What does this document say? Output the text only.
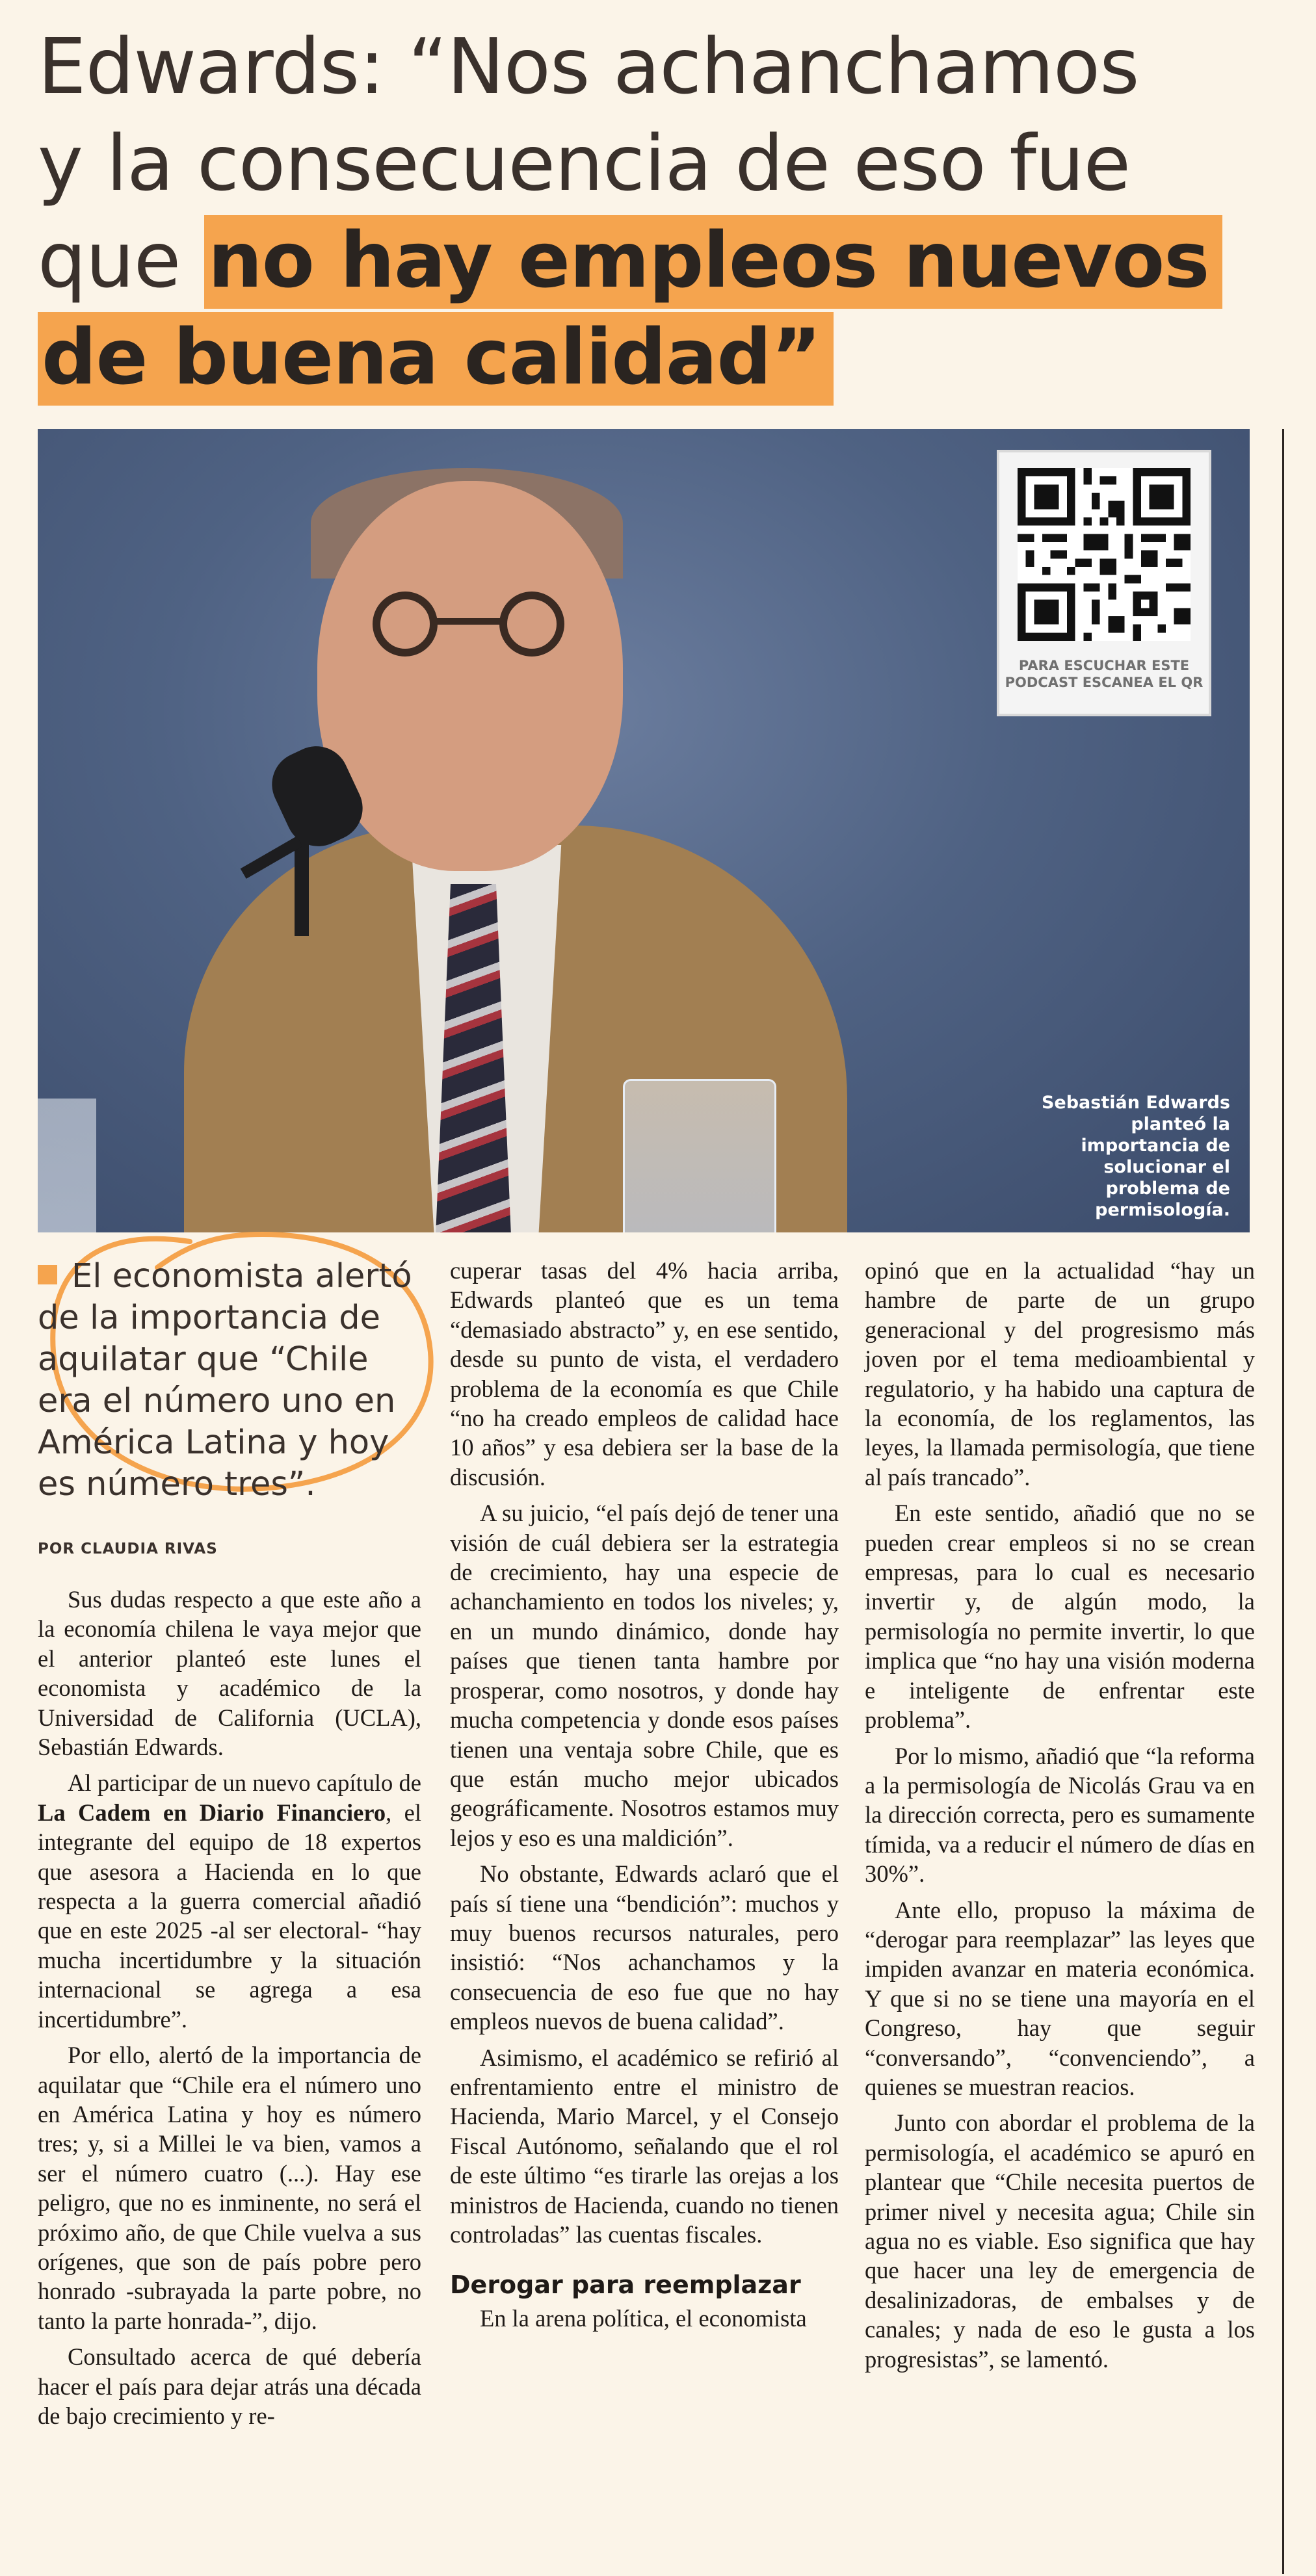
Edwards: “Nos achanchamos
y la consecuencia de eso fue
que no hay empleos nuevos
de buena calidad”
PARA ESCUCHAR ESTE PODCAST ESCANEA EL QR
Sebastián Edwards planteó la importancia de solucionar el problema de permisología.
El economista alertó de la importancia de aquilatar que “Chile era el número uno en América Latina y hoy es número tres”.
POR CLAUDIA RIVAS

Sus dudas respecto a que este año a la economía chilena le vaya mejor que el anterior planteó este lunes el economista y académico de la Universidad de California (UCLA), Sebastián Edwards.

Al participar de un nuevo capítulo de La Cadem en Diario Financiero, el integrante del equipo de 18 expertos que asesora a Hacienda en lo que respecta a la guerra comercial añadió que en este 2025 -al ser electoral- “hay mucha incertidumbre y la situación internacional se agrega a esa incertidumbre”.

Por ello, alertó de la importancia de aquilatar que “Chile era el número uno en América Latina y hoy es número tres; y, si a Millei le va bien, vamos a ser el número cuatro (...). Hay ese peligro, que no es inminente, no será el próximo año, de que Chile vuelva a sus orígenes, que son de país pobre pero honrado -subrayada la parte pobre, no tanto la parte honrada-”, dijo.

Consultado acerca de qué debería hacer el país para dejar atrás una década de bajo crecimiento y re-

cuperar tasas del 4% hacia arriba, Edwards planteó que es un tema “demasiado abstracto” y, en ese sentido, desde su punto de vista, el verdadero problema de la economía es que Chile “no ha creado empleos de calidad hace 10 años” y esa debiera ser la base de la discusión.

A su juicio, “el país dejó de tener una visión de cuál debiera ser la estrategia de crecimiento, hay una especie de achanchamiento en todos los niveles; y, en un mundo dinámico, donde hay países que tienen tanta hambre por prosperar, como nosotros, y donde hay mucha competencia y donde esos países tienen una ventaja sobre Chile, que es que están mucho mejor ubicados geográficamente. Nosotros estamos muy lejos y eso es una maldición”.

No obstante, Edwards aclaró que el país sí tiene una “bendición”: muchos y muy buenos recursos naturales, pero insistió: “Nos achanchamos y la consecuencia de eso fue que no hay empleos nuevos de buena calidad”.

Asimismo, el académico se refirió al enfrentamiento entre el ministro de Hacienda, Mario Marcel, y el Consejo Fiscal Autónomo, señalando que el rol de este último “es tirarle las orejas a los ministros de Hacienda, cuando no tienen controladas” las cuentas fiscales.

Derogar para reemplazar

En la arena política, el economista

opinó que en la actualidad “hay un hambre de parte de un grupo generacional y del progresismo más joven por el tema medioambiental y regulatorio, y ha habido una captura de la economía, de los reglamentos, las leyes, la llamada permisología, que tiene al país trancado”.

En este sentido, añadió que no se pueden crear empleos si no se crean empresas, para lo cual es necesario invertir y, de algún modo, la permisología no permite invertir, lo que implica que “no hay una visión moderna e inteligente de enfrentar este problema”.

Por lo mismo, añadió que “la reforma a la permisología de Nicolás Grau va en la dirección correcta, pero es sumamente tímida, va a reducir el número de días en 30%”.

Ante ello, propuso la máxima de “derogar para reemplazar” las leyes que impiden avanzar en materia económica. Y que si no se tiene una mayoría en el Congreso, hay que seguir “conversando”, “convenciendo”, a quienes se muestran reacios.

Junto con abordar el problema de la permisología, el académico se apuró en plantear que “Chile necesita puertos de primer nivel y necesita agua; Chile sin agua no es viable. Eso significa que hay que hacer una ley de emergencia de desalinizadoras, de embalses y de canales; y nada de eso le gusta a los progresistas”, se lamentó.
